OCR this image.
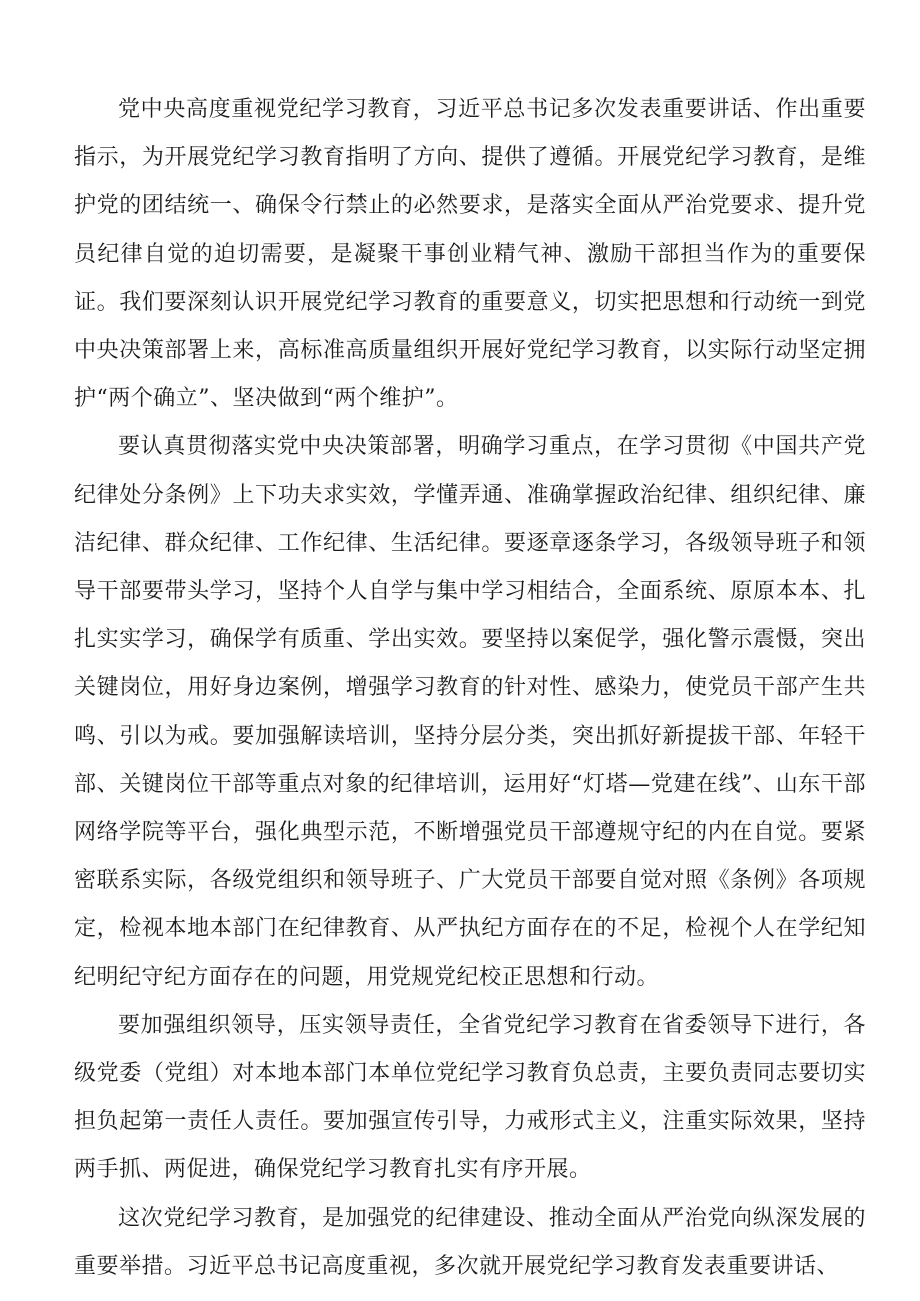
党中央高度重视党纪学习教育，习近平总书记多次发表重要讲话、作出重要指示，为开展党纪学习教育指明了方向、提供了遵循。开展党纪学习教育，是维护党的团结统一、确保令行禁止的必然要求，是落实全面从严治党要求、提升党员纪律自觉的迫切需要，是凝聚干事创业精气神、激励干部担当作为的重要保证。我们要深刻认识开展党纪学习教育的重要意义，切实把思想和行动统一到党中央决策部署上来，高标准高质量组织开展好党纪学习教育，以实际行动坚定拥护“两个确立”、坚决做到“两个维护”。

要认真贯彻落实党中央决策部署，明确学习重点，在学习贯彻《中国共产党纪律处分条例》上下功夫求实效，学懂弄通、准确掌握政治纪律、组织纪律、廉洁纪律、群众纪律、工作纪律、生活纪律。要逐章逐条学习，各级领导班子和领导干部要带头学习，坚持个人自学与集中学习相结合，全面系统、原原本本、扎扎实实学习，确保学有质重、学出实效。要坚持以案促学，强化警示震慑，突出关键岗位，用好身边案例，增强学习教育的针对性、感染力，使党员干部产生共鸣、引以为戒。要加强解读培训，坚持分层分类，突出抓好新提拔干部、年轻干部、关键岗位干部等重点对象的纪律培训，运用好“灯塔—党建在线”、山东干部网络学院等平台，强化典型示范，不断增强党员干部遵规守纪的内在自觉。要紧密联系实际，各级党组织和领导班子、广大党员干部要自觉对照《条例》各项规定，检视本地本部门在纪律教育、从严执纪方面存在的不足，检视个人在学纪知纪明纪守纪方面存在的问题，用党规党纪校正思想和行动。

要加强组织领导，压实领导责任，全省党纪学习教育在省委领导下进行，各级党委（党组）对本地本部门本单位党纪学习教育负总责，主要负责同志要切实担负起第一责任人责任。要加强宣传引导，力戒形式主义，注重实际效果，坚持两手抓、两促进，确保党纪学习教育扎实有序开展。

这次党纪学习教育，是加强党的纪律建设、推动全面从严治党向纵深发展的重要举措。习近平总书记高度重视，多次就开展党纪学习教育发表重要讲话、
